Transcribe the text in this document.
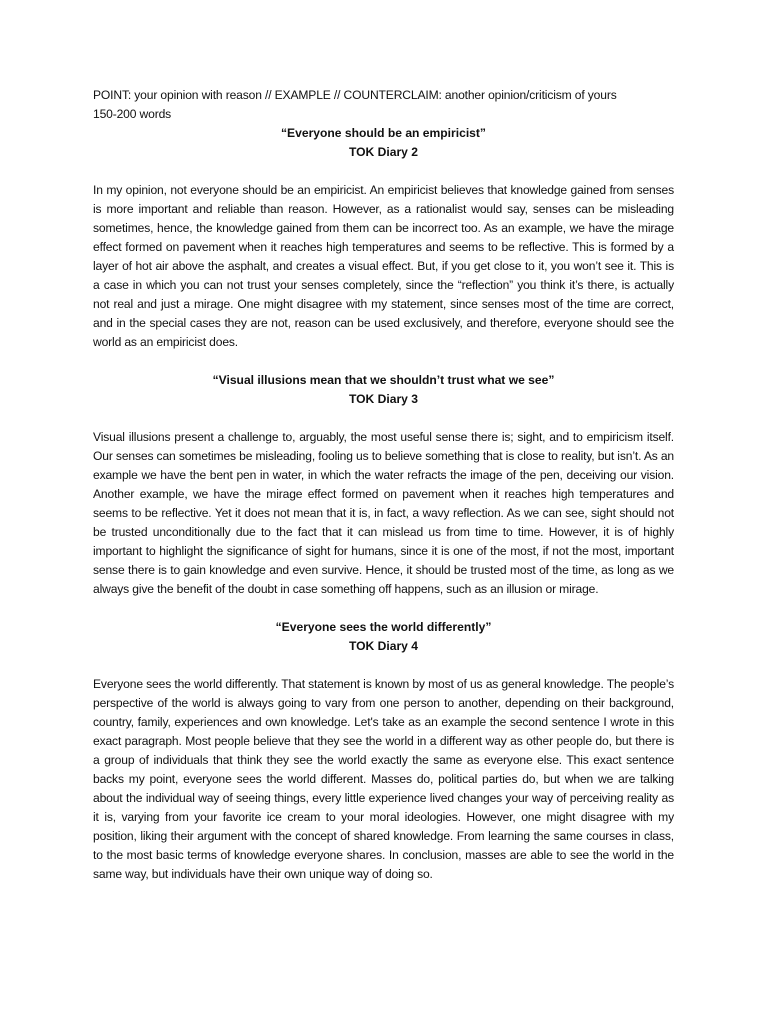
POINT: your opinion with reason // EXAMPLE // COUNTERCLAIM: another opinion/criticism of yours

150-200 words

“Everyone should be an empiricist”
TOK Diary 2

In my opinion, not everyone should be an empiricist. An empiricist believes that knowledge gained from senses is more important and reliable than reason. However, as a rationalist would say, senses can be misleading sometimes, hence, the knowledge gained from them can be incorrect too. As an example, we have the mirage effect formed on pavement when it reaches high temperatures and seems to be reflective. This is formed by a layer of hot air above the asphalt, and creates a visual effect. But, if you get close to it, you won’t see it. This is a case in which you can not trust your senses completely, since the “reflection” you think it’s there, is actually not real and just a mirage. One might disagree with my statement, since senses most of the time are correct, and in the special cases they are not, reason can be used exclusively, and therefore, everyone should see the world as an empiricist does.

“Visual illusions mean that we shouldn’t trust what we see”
TOK Diary 3

Visual illusions present a challenge to, arguably, the most useful sense there is; sight, and to empiricism itself. Our senses can sometimes be misleading, fooling us to believe something that is close to reality, but isn’t. As an example we have the bent pen in water, in which the water refracts the image of the pen, deceiving our vision. Another example, we have the mirage effect formed on pavement when it reaches high temperatures and seems to be reflective. Yet it does not mean that it is, in fact, a wavy reflection. As we can see, sight should not be trusted unconditionally due to the fact that it can mislead us from time to time. However, it is of highly important to highlight the significance of sight for humans, since it is one of the most, if not the most, important sense there is to gain knowledge and even survive. Hence, it should be trusted most of the time, as long as we always give the benefit of the doubt in case something off happens, such as an illusion or mirage.

“Everyone sees the world differently”
TOK Diary 4

Everyone sees the world differently. That statement is known by most of us as general knowledge. The people’s perspective of the world is always going to vary from one person to another, depending on their background, country, family, experiences and own knowledge. Let's take as an example the second sentence I wrote in this exact paragraph. Most people believe that they see the world in a different way as other people do, but there is a group of individuals that think they see the world exactly the same as everyone else. This exact sentence backs my point, everyone sees the world different. Masses do, political parties do, but when we are talking about the individual way of seeing things, every little experience lived changes your way of perceiving reality as it is, varying from your favorite ice cream to your moral ideologies. However, one might disagree with my position, liking their argument with the concept of shared knowledge. From learning the same courses in class, to the most basic terms of knowledge everyone shares. In conclusion, masses are able to see the world in the same way, but individuals have their own unique way of doing so.
